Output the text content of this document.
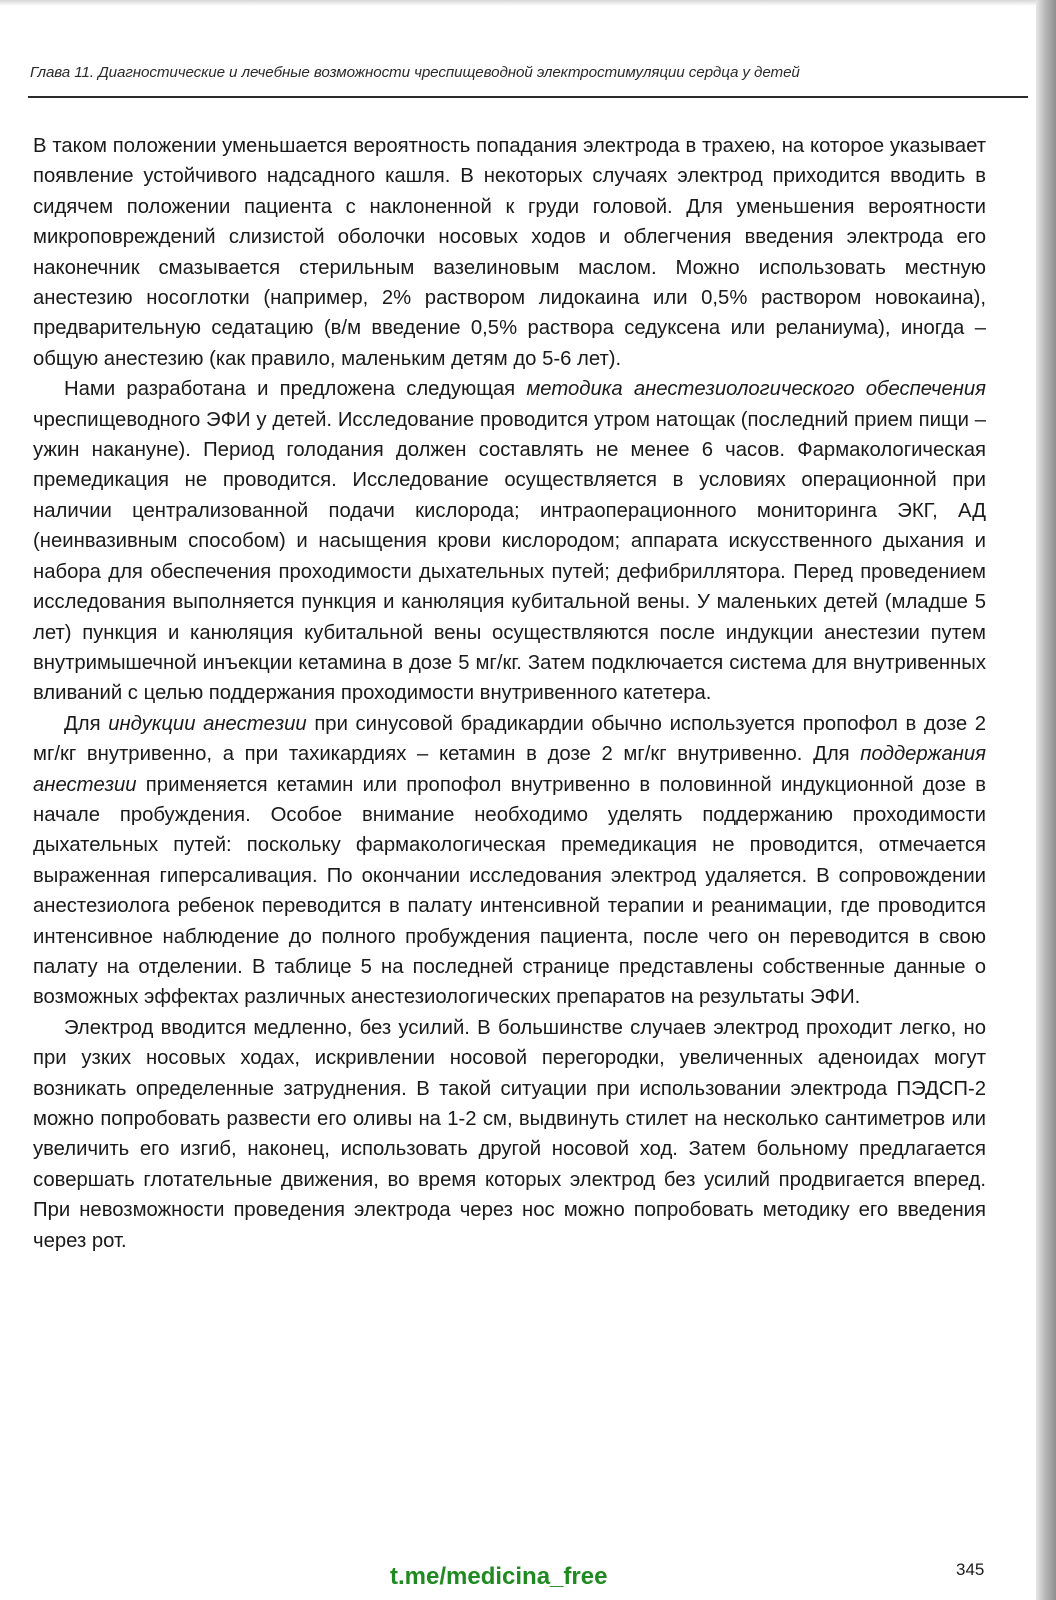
Глава 11. Диагностические и лечебные возможности чреспищеводной электростимуляции сердца у детей

В таком положении уменьшается вероятность попадания электрода в трахею, на которое указывает появление устойчивого надсадного кашля. В некоторых случаях электрод приходится вводить в сидячем положении пациента с наклоненной к груди головой. Для уменьшения вероятности микроповреждений слизистой оболочки носовых ходов и облегчения введения электрода его наконечник смазывается стерильным вазелиновым маслом. Можно использовать местную анестезию носоглотки (например, 2% раствором лидокаина или 0,5% раствором новокаина), предварительную седатацию (в/м введение 0,5% раствора седуксена или реланиума), иногда – общую анестезию (как правило, маленьким детям до 5-6 лет).

Нами разработана и предложена следующая методика анестезиологического обеспечения чреспищеводного ЭФИ у детей. Исследование проводится утром натощак (последний прием пищи – ужин накануне). Период голодания должен составлять не менее 6 часов. Фармакологическая премедикация не проводится. Исследование осуществляется в условиях операционной при наличии централизованной подачи кислорода; интраоперационного мониторинга ЭКГ, АД (неинвазивным способом) и насыщения крови кислородом; аппарата искусственного дыхания и набора для обеспечения проходимости дыхательных путей; дефибриллятора. Перед проведением исследования выполняется пункция и канюляция кубитальной вены. У маленьких детей (младше 5 лет) пункция и канюляция кубитальной вены осуществляются после индукции анестезии путем внутримышечной инъекции кетамина в дозе 5 мг/кг. Затем подключается система для внутривенных вливаний с целью поддержания проходимости внутривенного катетера.

Для индукции анестезии при синусовой брадикардии обычно используется пропофол в дозе 2 мг/кг внутривенно, а при тахикардиях – кетамин в дозе 2 мг/кг внутривенно. Для поддержания анестезии применяется кетамин или пропофол внутривенно в половинной индукционной дозе в начале пробуждения. Особое внимание необходимо уделять поддержанию проходимости дыхательных путей: поскольку фармакологическая премедикация не проводится, отмечается выраженная гиперсаливация. По окончании исследования электрод удаляется. В сопровождении анестезиолога ребенок переводится в палату интенсивной терапии и реанимации, где проводится интенсивное наблюдение до полного пробуждения пациента, после чего он переводится в свою палату на отделении. В таблице 5 на последней странице представлены собственные данные о возможных эффектах различных анестезиологических препаратов на результаты ЭФИ.

Электрод вводится медленно, без усилий. В большинстве случаев электрод проходит легко, но при узких носовых ходах, искривлении носовой перегородки, увеличенных аденоидах могут возникать определенные затруднения. В такой ситуации при использовании электрода ПЭДСП-2 можно попробовать развести его оливы на 1-2 см, выдвинуть стилет на несколько сантиметров или увеличить его изгиб, наконец, использовать другой носовой ход. Затем больному предлагается совершать глотательные движения, во время которых электрод без усилий продвигается вперед. При невозможности проведения электрода через нос можно попробовать методику его введения через рот.

t.me/medicina_free	345
